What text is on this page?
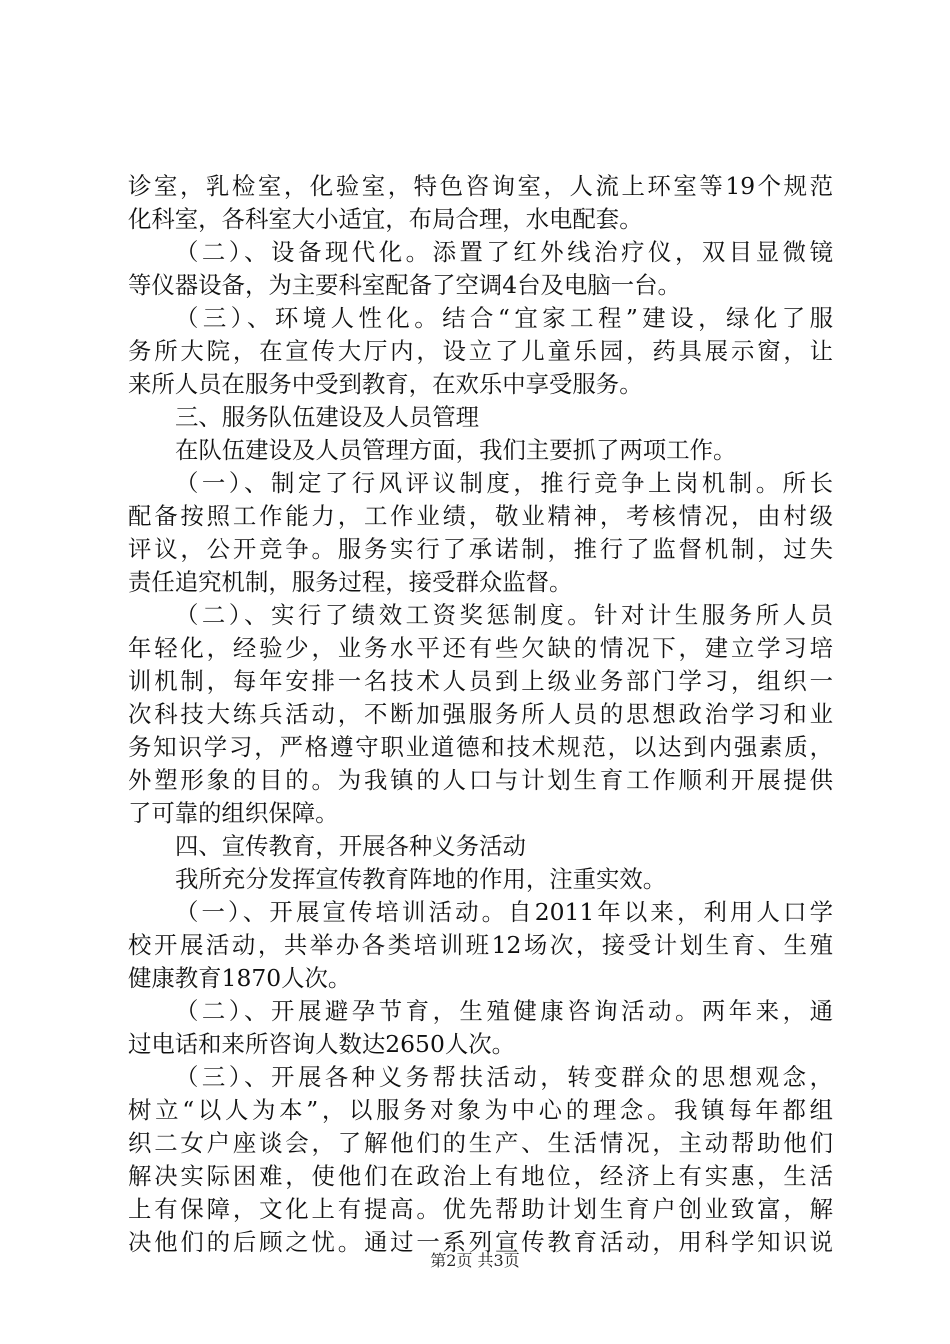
诊室，乳检室，化验室，特色咨询室，人流上环室等19个规范
化科室，各科室大小适宜，布局合理，水电配套。
（二）、设备现代化。添置了红外线治疗仪，双目显微镜
等仪器设备，为主要科室配备了空调4台及电脑一台。
（三）、环境人性化。结合“宜家工程”建设，绿化了服
务所大院，在宣传大厅内，设立了儿童乐园，药具展示窗，让
来所人员在服务中受到教育，在欢乐中享受服务。
三、服务队伍建设及人员管理
在队伍建设及人员管理方面，我们主要抓了两项工作。
（一）、制定了行风评议制度，推行竞争上岗机制。所长
配备按照工作能力，工作业绩，敬业精神，考核情况，由村级
评议，公开竞争。服务实行了承诺制，推行了监督机制，过失
责任追究机制，服务过程，接受群众监督。
（二）、实行了绩效工资奖惩制度。针对计生服务所人员
年轻化，经验少，业务水平还有些欠缺的情况下，建立学习培
训机制，每年安排一名技术人员到上级业务部门学习，组织一
次科技大练兵活动，不断加强服务所人员的思想政治学习和业
务知识学习，严格遵守职业道德和技术规范，以达到内强素质，
外塑形象的目的。为我镇的人口与计划生育工作顺利开展提供
了可靠的组织保障。
四、宣传教育，开展各种义务活动
我所充分发挥宣传教育阵地的作用，注重实效。
（一）、开展宣传培训活动。自2011年以来，利用人口学
校开展活动，共举办各类培训班12场次，接受计划生育、生殖
健康教育1870人次。
（二）、开展避孕节育，生殖健康咨询活动。两年来，通
过电话和来所咨询人数达2650人次。
（三）、开展各种义务帮扶活动，转变群众的思想观念，
树立“以人为本”，以服务对象为中心的理念。我镇每年都组
织二女户座谈会，了解他们的生产、生活情况，主动帮助他们
解决实际困难，使他们在政治上有地位，经济上有实惠，生活
上有保障，文化上有提高。优先帮助计划生育户创业致富，解
决他们的后顾之忧。通过一系列宣传教育活动，用科学知识说
第2页 共3页
